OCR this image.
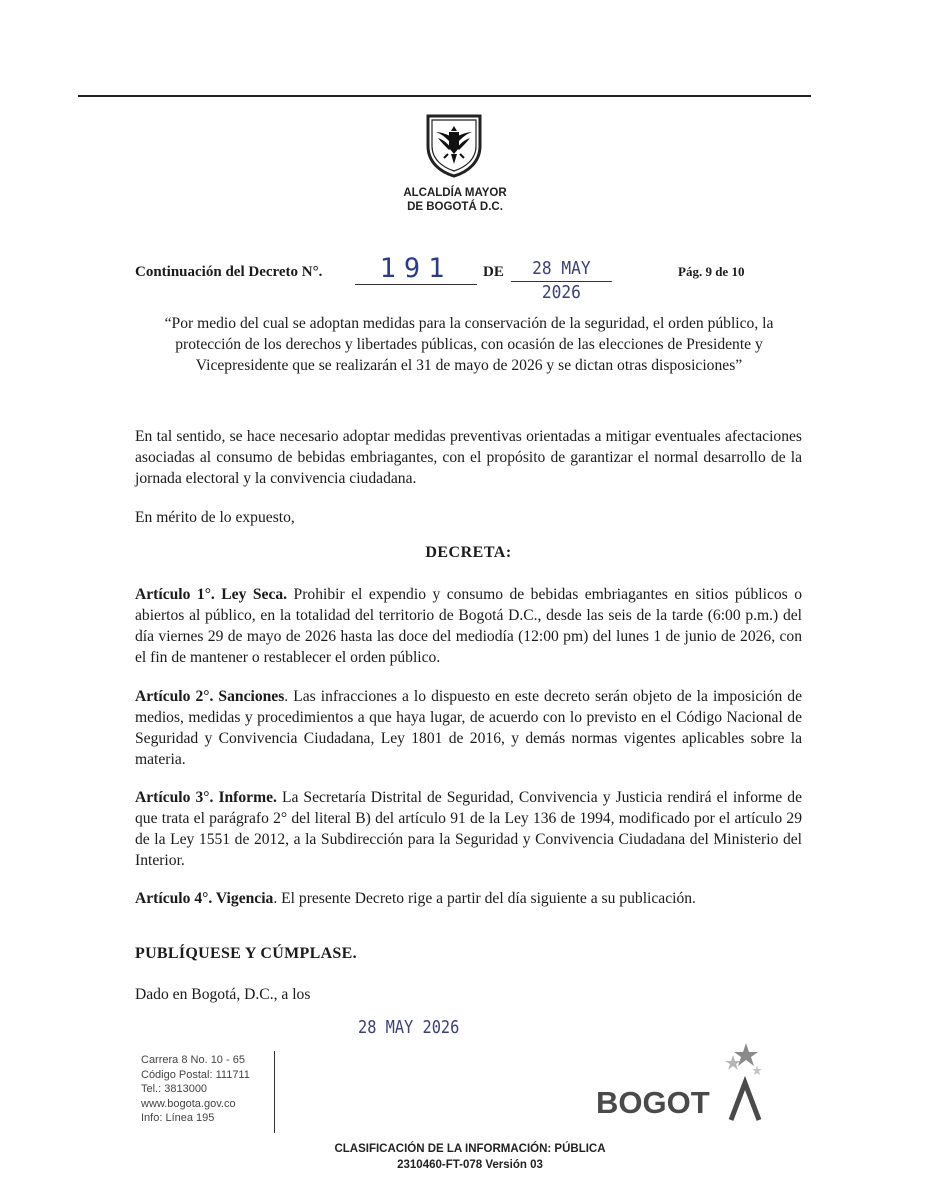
ALCALDÍA MAYOR
DE BOGOTÁ D.C.
Continuación del Decreto N°.	191	DE	28 MAY 2026
Pág. 9 de 10
“Por medio del cual se adoptan medidas para la conservación de la seguridad, el orden público, la protección de los derechos y libertades públicas, con ocasión de las elecciones de Presidente y Vicepresidente que se realizarán el 31 de mayo de 2026 y se dictan otras disposiciones”

En tal sentido, se hace necesario adoptar medidas preventivas orientadas a mitigar eventuales afectaciones asociadas al consumo de bebidas embriagantes, con el propósito de garantizar el normal desarrollo de la jornada electoral y la convivencia ciudadana.

En mérito de lo expuesto,

DECRETA:

Artículo 1°. Ley Seca. Prohibir el expendio y consumo de bebidas embriagantes en sitios públicos o abiertos al público, en la totalidad del territorio de Bogotá D.C., desde las seis de la tarde (6:00 p.m.) del día viernes 29 de mayo de 2026 hasta las doce del mediodía (12:00 pm) del lunes 1 de junio de 2026, con el fin de mantener o restablecer el orden público.

Artículo 2°. Sanciones. Las infracciones a lo dispuesto en este decreto serán objeto de la imposición de medios, medidas y procedimientos a que haya lugar, de acuerdo con lo previsto en el Código Nacional de Seguridad y Convivencia Ciudadana, Ley 1801 de 2016, y demás normas vigentes aplicables sobre la materia.

Artículo 3°. Informe. La Secretaría Distrital de Seguridad, Convivencia y Justicia rendirá el informe de que trata el parágrafo 2° del literal B) del artículo 91 de la Ley 136 de 1994, modificado por el artículo 29 de la Ley 1551 de 2012, a la Subdirección para la Seguridad y Convivencia Ciudadana del Ministerio del Interior.

Artículo 4°. Vigencia. El presente Decreto rige a partir del día siguiente a su publicación.

PUBLÍQUESE Y CÚMPLASE.
Dado en Bogotá, D.C., a los
28 MAY 2026
Carrera 8 No. 10 - 65
Código Postal: 111711
Tel.: 3813000
www.bogota.gov.co
Info: Línea 195	BOGOT
CLASIFICACIÓN DE LA INFORMACIÓN: PÚBLICA
2310460-FT-078 Versión 03
